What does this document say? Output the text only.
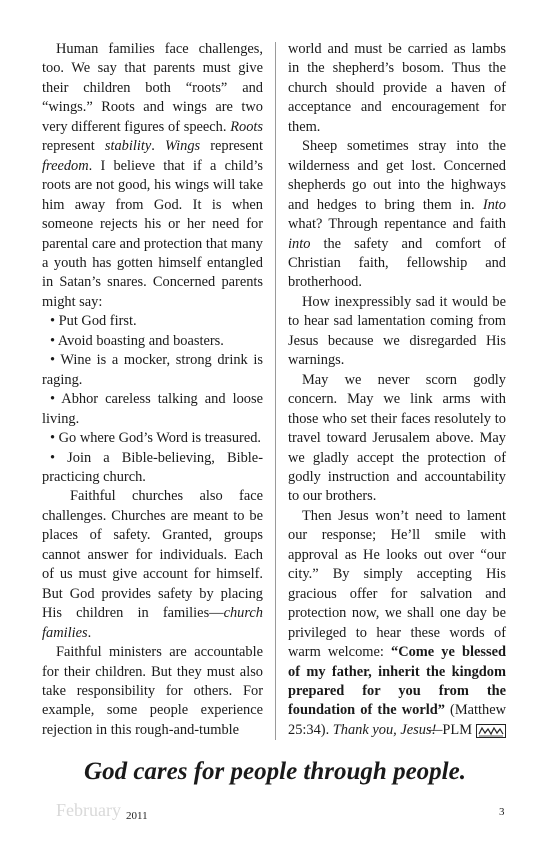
Human families face challenges, too. We say that parents must give their children both “roots” and “wings.” Roots and wings are two very different figures of speech. Roots represent stability. Wings represent freedom. I believe that if a child’s roots are not good, his wings will take him away from God. It is when someone rejects his or her need for parental care and protection that many a youth has gotten himself entangled in Satan’s snares. Concerned parents might say:

• Put God first.

• Avoid boasting and boasters.

• Wine is a mocker, strong drink is raging.

• Abhor careless talking and loose living.

• Go where God’s Word is treasured.

• Join a Bible-believing, Bible-practicing church.

Faithful churches also face challenges. Churches are meant to be places of safety. Granted, groups cannot answer for individuals. Each of us must give account for himself. But God provides safety by placing His children in families—church families.

Faithful ministers are accountable for their children. But they must also take responsibility for others. For example, some people experience rejection in this rough-and-tumble

world and must be carried as lambs in the shepherd’s bosom. Thus the church should provide a haven of acceptance and encouragement for them.

Sheep sometimes stray into the wilderness and get lost. Concerned shepherds go out into the highways and hedges to bring them in. Into what? Through repentance and faith into the safety and comfort of Christian faith, fellowship and brotherhood.

How inexpressibly sad it would be to hear sad lamentation coming from Jesus because we disregarded His warnings.

May we never scorn godly concern. May we link arms with those who set their faces resolutely to travel toward Jerusalem above. May we gladly accept the protection of godly instruction and accountability to our brothers.

Then Jesus won’t need to lament our response; He’ll smile with approval as He looks out over “our city.” By simply accepting His gracious offer for salvation and protection now, we shall one day be privileged to hear these words of warm welcome: “Come ye blessed of my father, inherit the kingdom prepared for you from the foundation of the world” (Matthew 25:34). Thank you, Jesus!
—PLM

God cares for people through people.
February 2011	3
